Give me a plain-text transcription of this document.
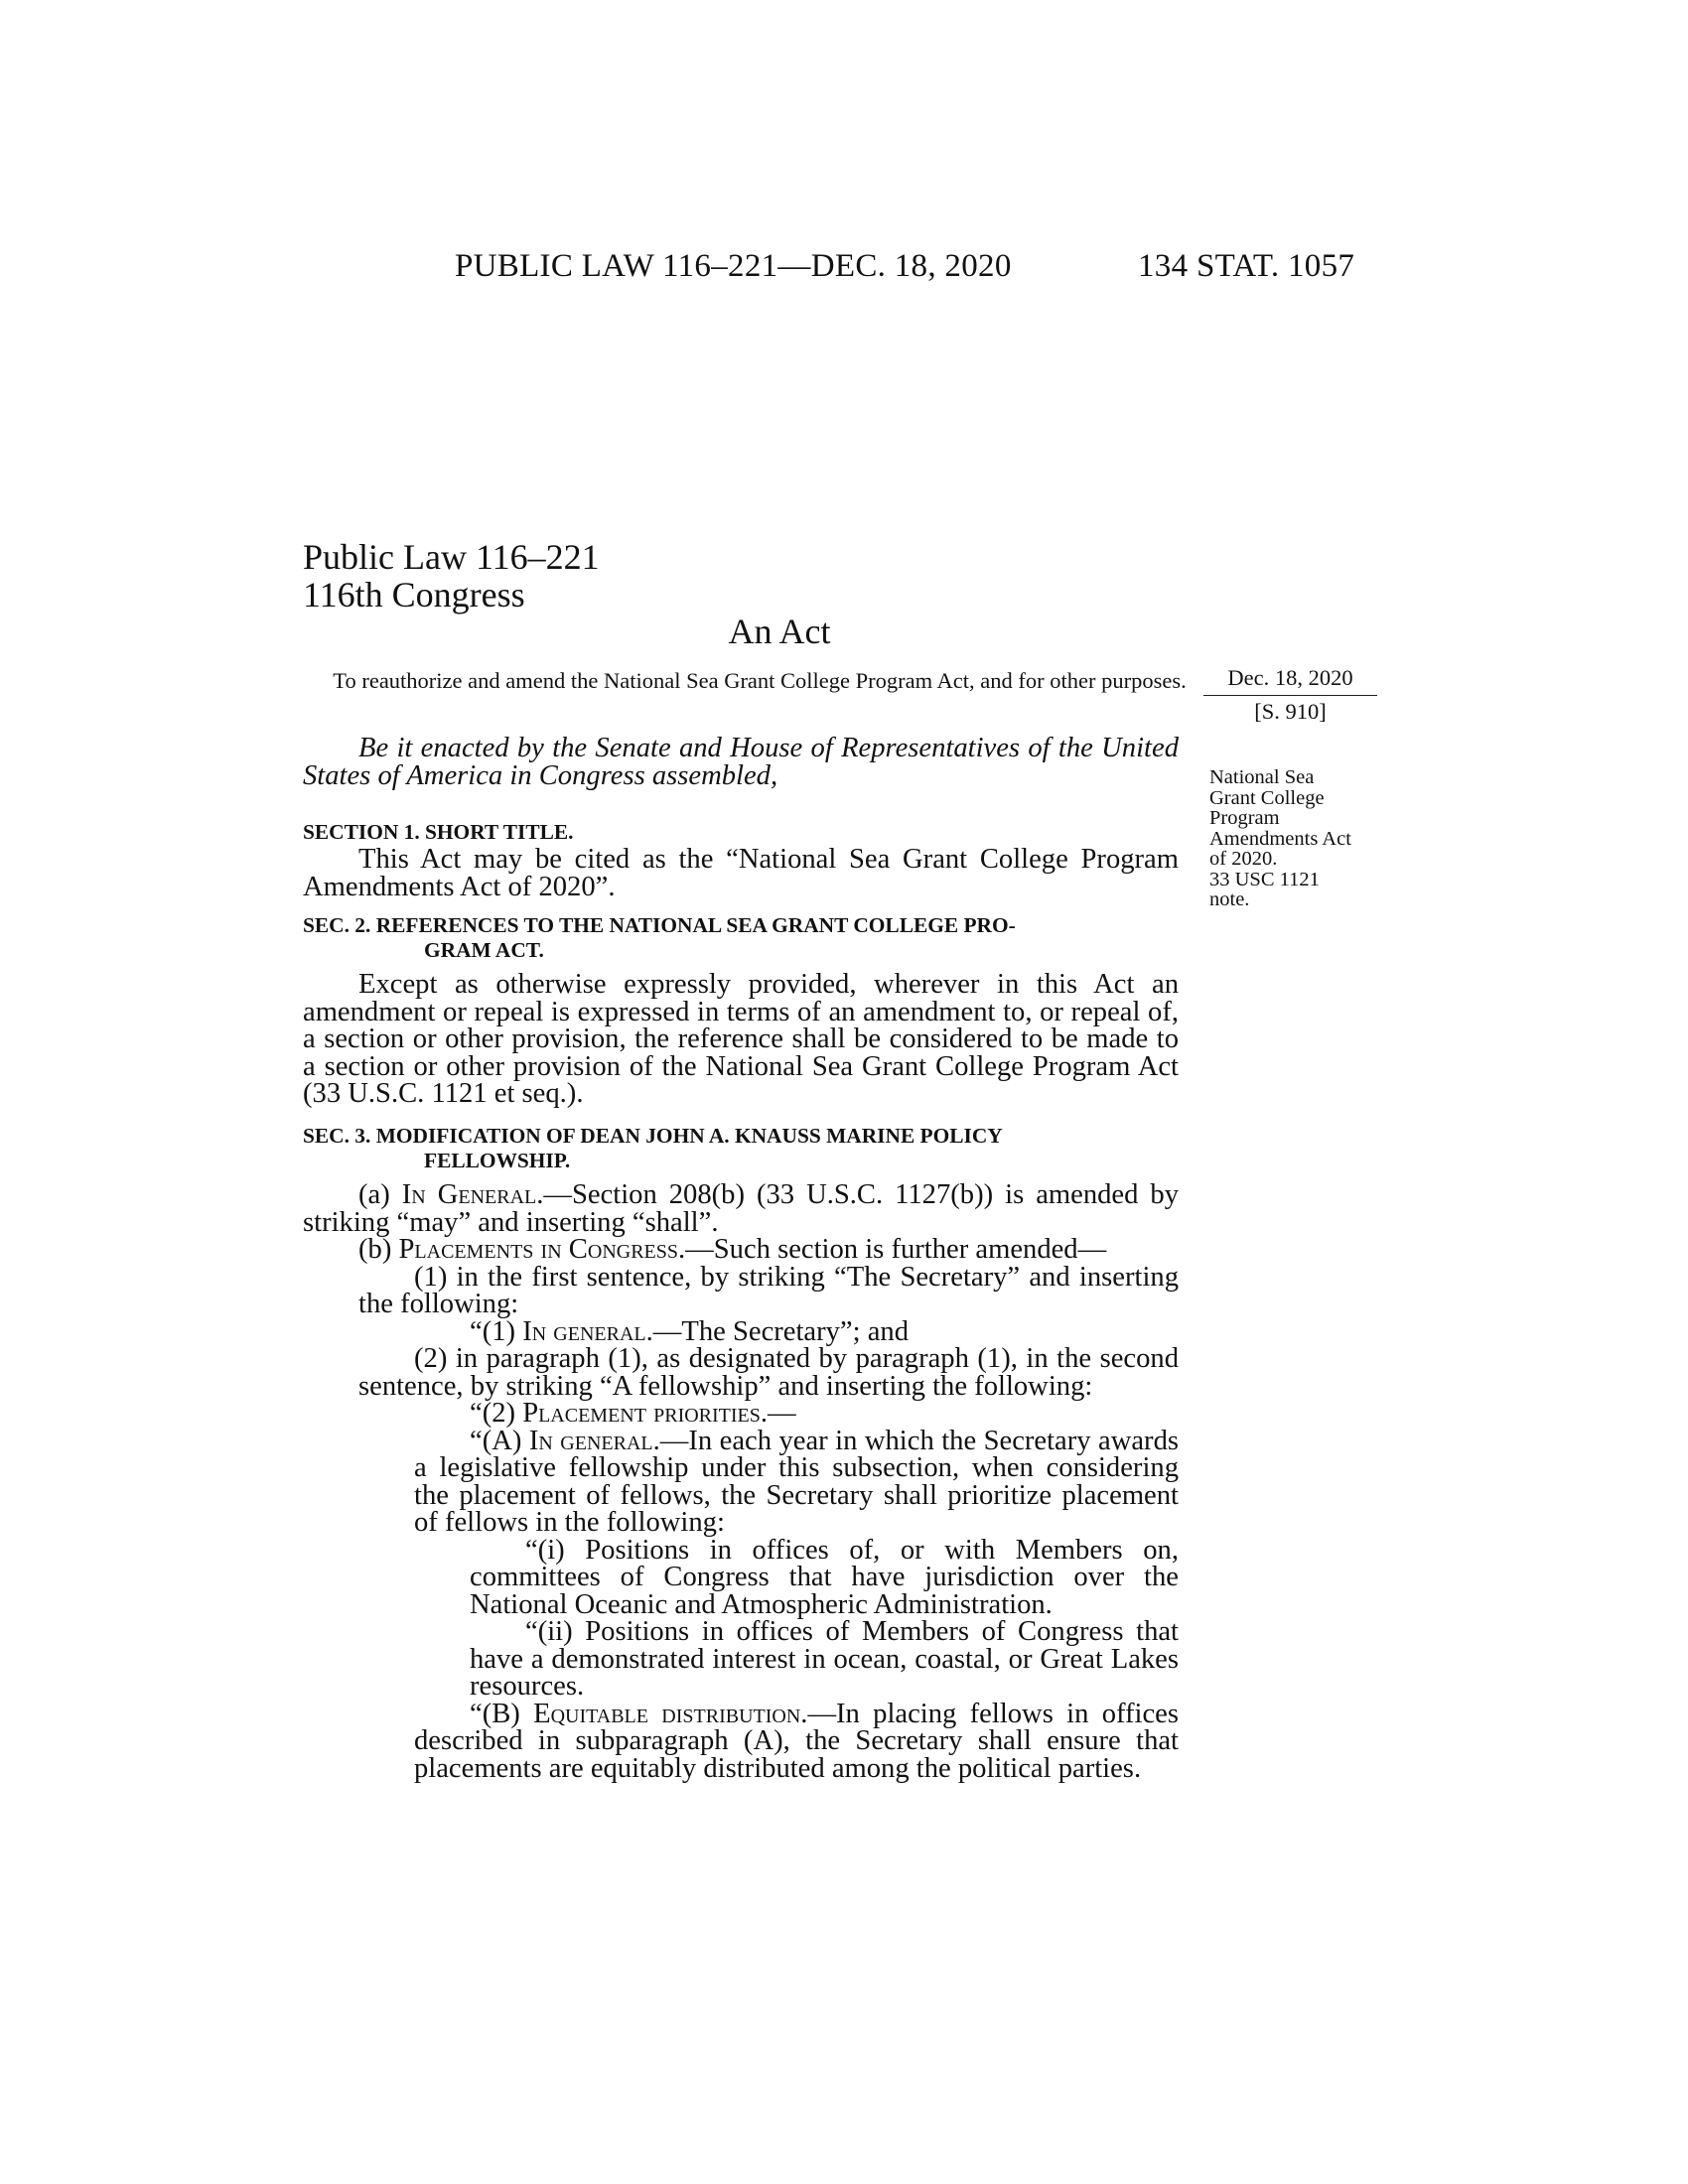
PUBLIC LAW 116–221—DEC. 18, 2020	134 STAT. 1057
Public Law 116–221
116th Congress
An Act
To reauthorize and amend the National Sea Grant College Program Act, and for other purposes.	Dec. 18, 2020
[S. 910]
National Sea
Grant College
Program
Amendments Act
of 2020.
33 USC 1121
note.
Be it enacted by the Senate and House of Representatives of the United States of America in Congress assembled,
SECTION 1. SHORT TITLE.

This Act may be cited as the “National Sea Grant College Program Amendments Act of 2020”.

SEC. 2. REFERENCES TO THE NATIONAL SEA GRANT COLLEGE PRO-
GRAM ACT.

Except as otherwise expressly provided, wherever in this Act an amendment or repeal is expressed in terms of an amendment to, or repeal of, a section or other provision, the reference shall be considered to be made to a section or other provision of the National Sea Grant College Program Act (33 U.S.C. 1121 et seq.).

SEC. 3. MODIFICATION OF DEAN JOHN A. KNAUSS MARINE POLICY
FELLOWSHIP.

(a) In General.—Section 208(b) (33 U.S.C. 1127(b)) is amended by striking “may” and inserting “shall”.

(b) Placements in Congress.—Such section is further amended—

(1) in the first sentence, by striking “The Secretary” and inserting the following:

“(1) In general.—The Secretary”; and

(2) in paragraph (1), as designated by paragraph (1), in the second sentence, by striking “A fellowship” and inserting the following:

“(2) Placement priorities.—

“(A) In general.—In each year in which the Secretary awards a legislative fellowship under this subsection, when considering the placement of fellows, the Secretary shall prioritize placement of fellows in the following:

“(i) Positions in offices of, or with Members on, committees of Congress that have jurisdiction over the National Oceanic and Atmospheric Administration.

“(ii) Positions in offices of Members of Congress that have a demonstrated interest in ocean, coastal, or Great Lakes resources.

“(B) Equitable distribution.—In placing fellows in offices described in subparagraph (A), the Secretary shall ensure that placements are equitably distributed among the political parties.
